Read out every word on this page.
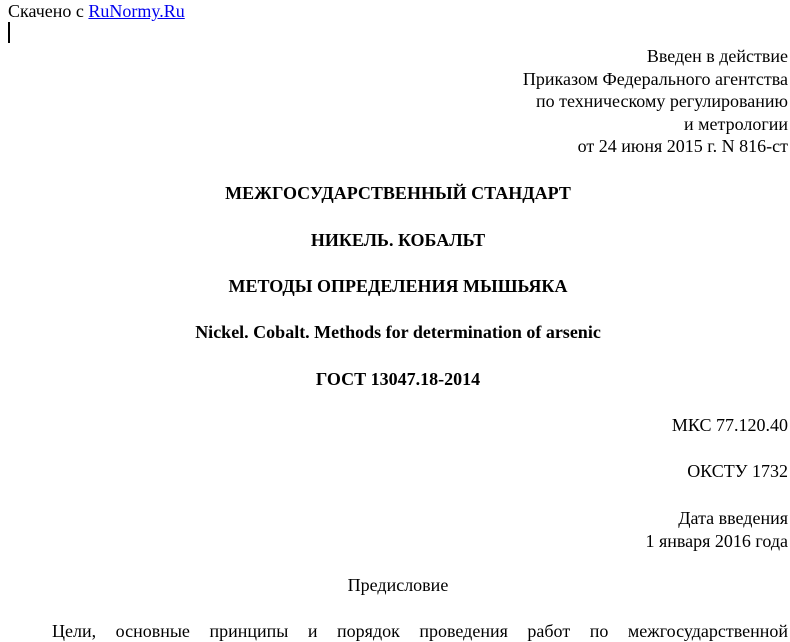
Скачено с RuNormy.Ru
Введен в действие
Приказом Федерального агентства
по техническому регулированию
и метрологии
от 24 июня 2015 г. N 816-ст
МЕЖГОСУДАРСТВЕННЫЙ СТАНДАРТ
НИКЕЛЬ. КОБАЛЬТ
МЕТОДЫ ОПРЕДЕЛЕНИЯ МЫШЬЯКА
Nickel. Cobalt. Methods for determination of arsenic
ГОСТ 13047.18-2014
МКС 77.120.40
ОКСТУ 1732
Дата введения
1 января 2016 года
Предисловие
Цели, основные принципы и порядок проведения работ по межгосударственной
